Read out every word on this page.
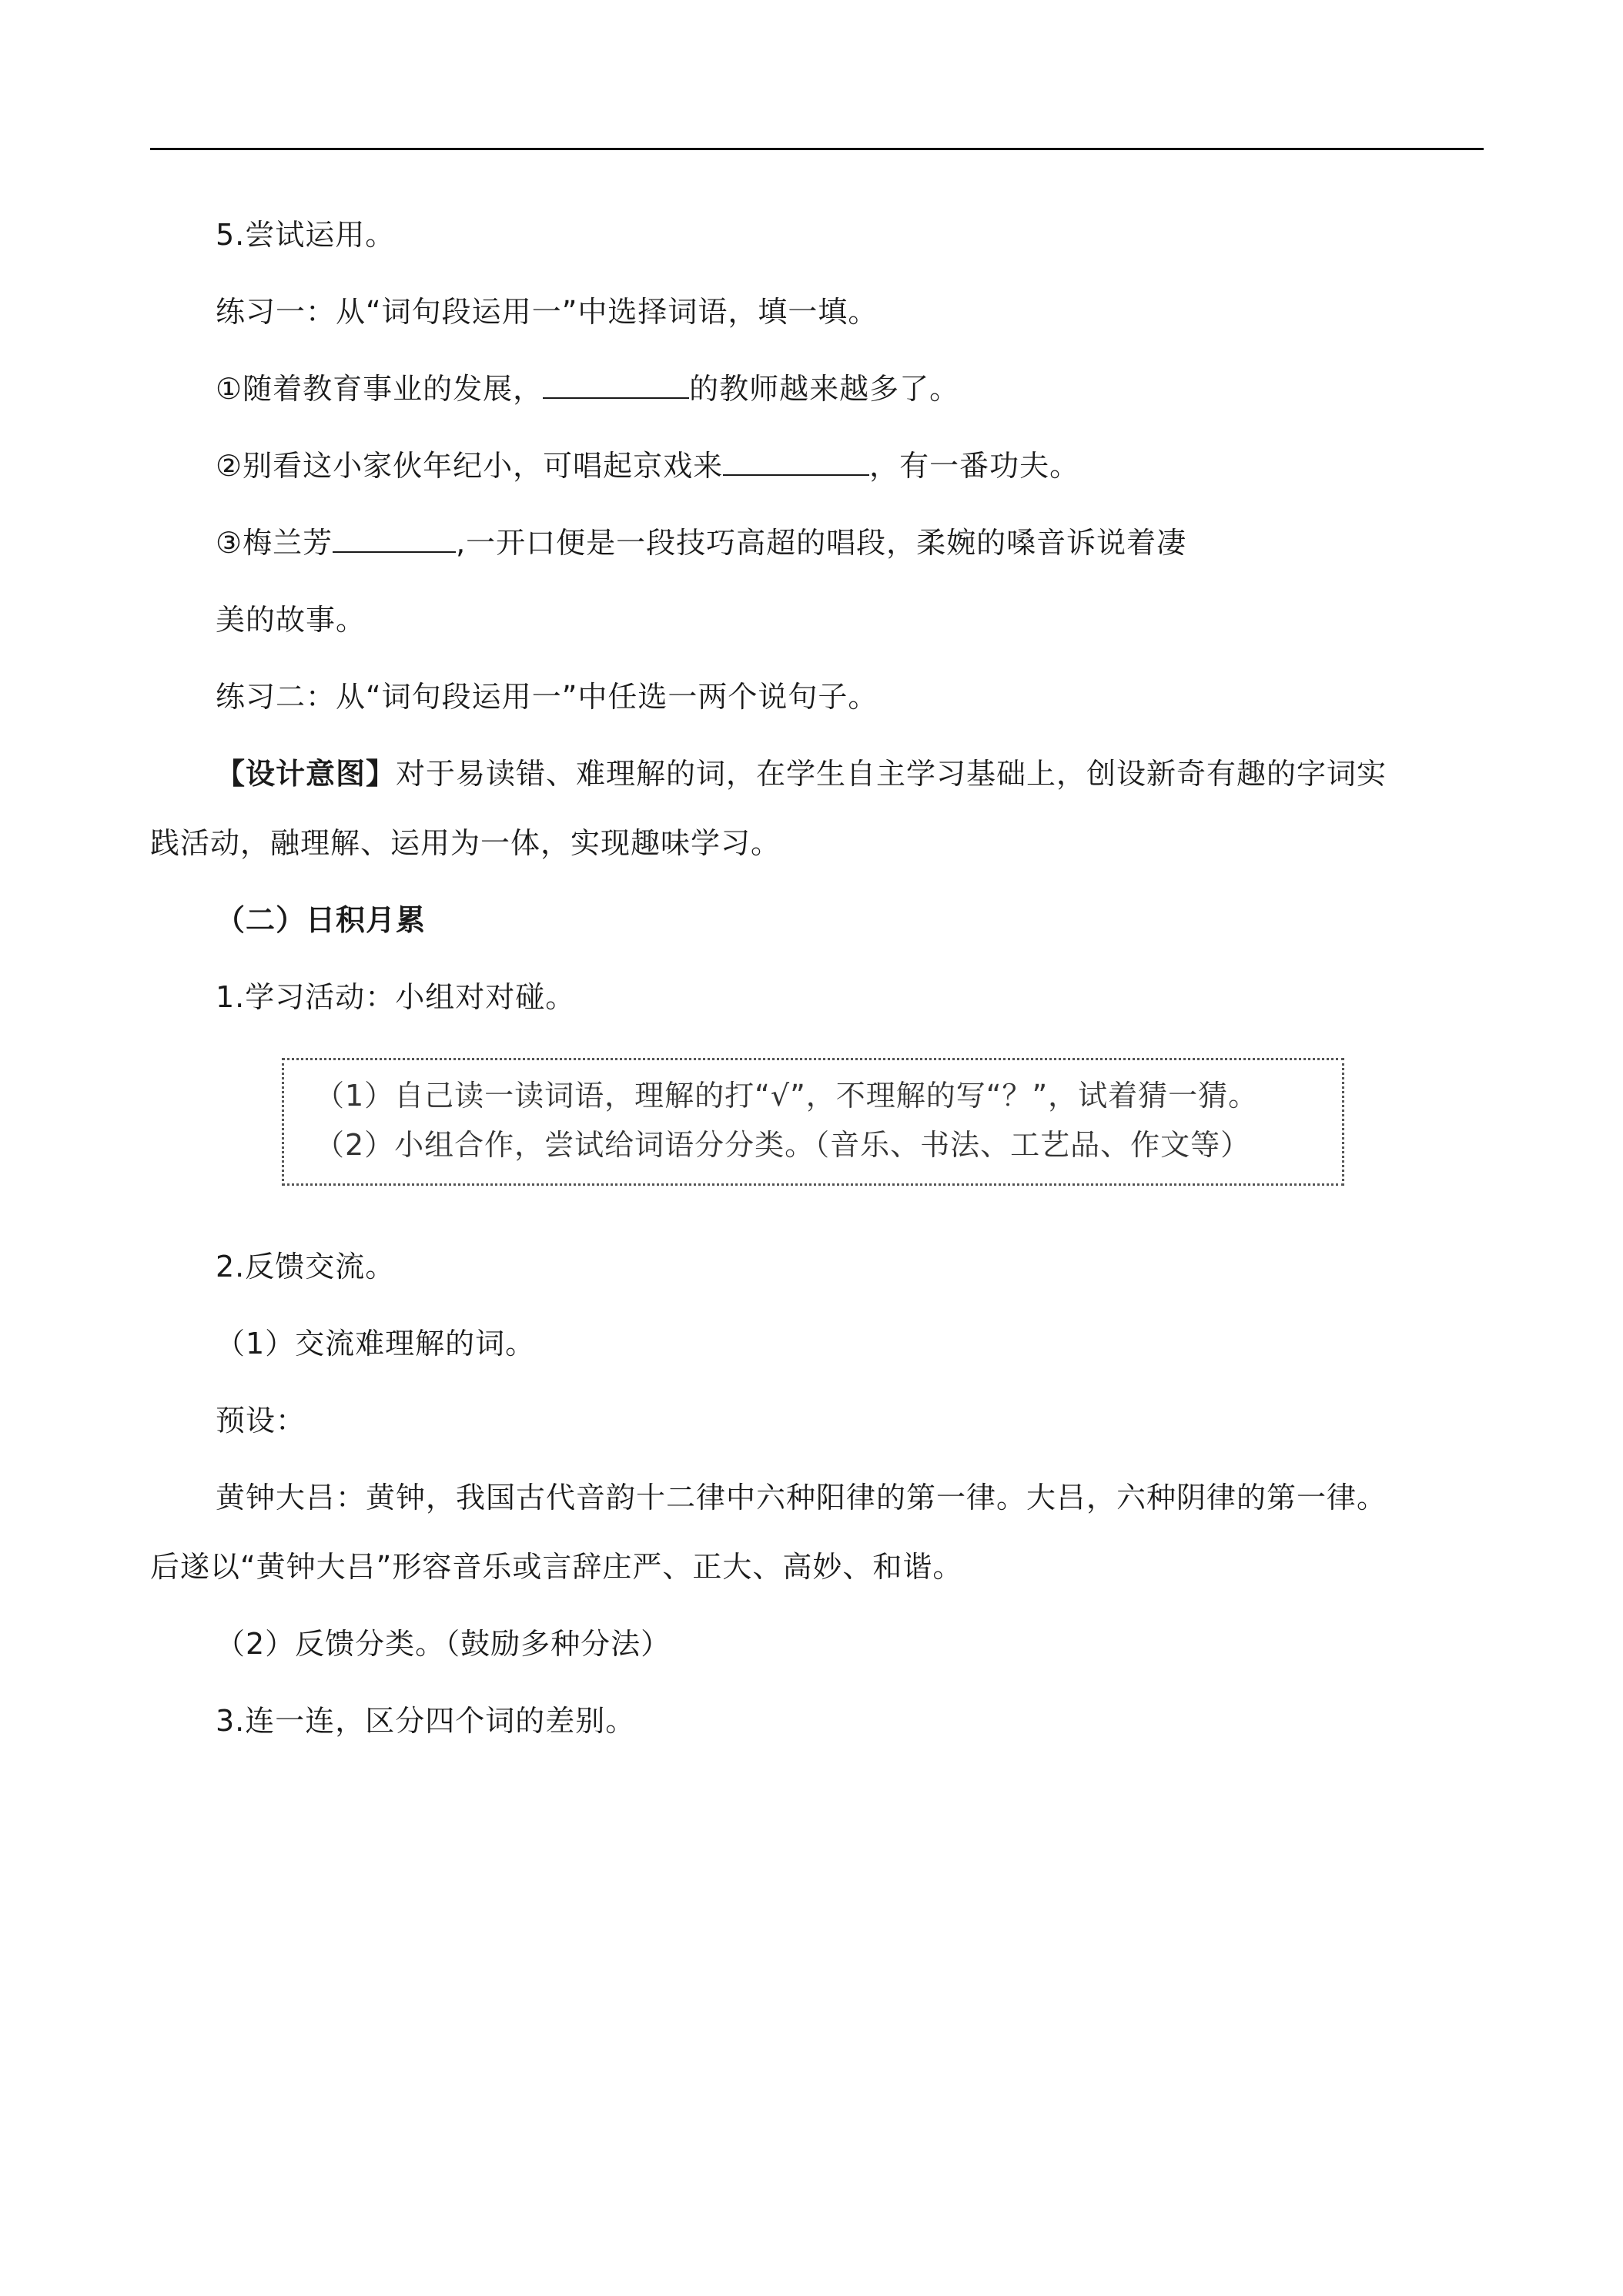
5.尝试运用。
练习一：从“词句段运用一”中选择词语，填一填。
①随着教育事业的发展，	的教师越来越多了。
②别看这小家伙年纪小，可唱起京戏来	，有一番功夫。
③梅兰芳	,一开口便是一段技巧高超的唱段，柔婉的嗓音诉说着凄
美的故事。
练习二：从“词句段运用一”中任选一两个说句子。
【设计意图】对于易读错、难理解的词，在学生自主学习基础上，创设新奇有趣的字词实
践活动，融理解、运用为一体，实现趣味学习。
（二）日积月累
1.学习活动：小组对对碰。
（1）自己读一读词语，理解的打“√”，不理解的写“？”，试着猜一猜。
（2）小组合作，尝试给词语分分类。（音乐、书法、工艺品、作文等）
2.反馈交流。
（1）交流难理解的词。
预设：
黄钟大吕：黄钟，我国古代音韵十二律中六种阳律的第一律。大吕，六种阴律的第一律。
后遂以“黄钟大吕”形容音乐或言辞庄严、正大、高妙、和谐。
（2）反馈分类。（鼓励多种分法）
3.连一连，区分四个词的差别。
